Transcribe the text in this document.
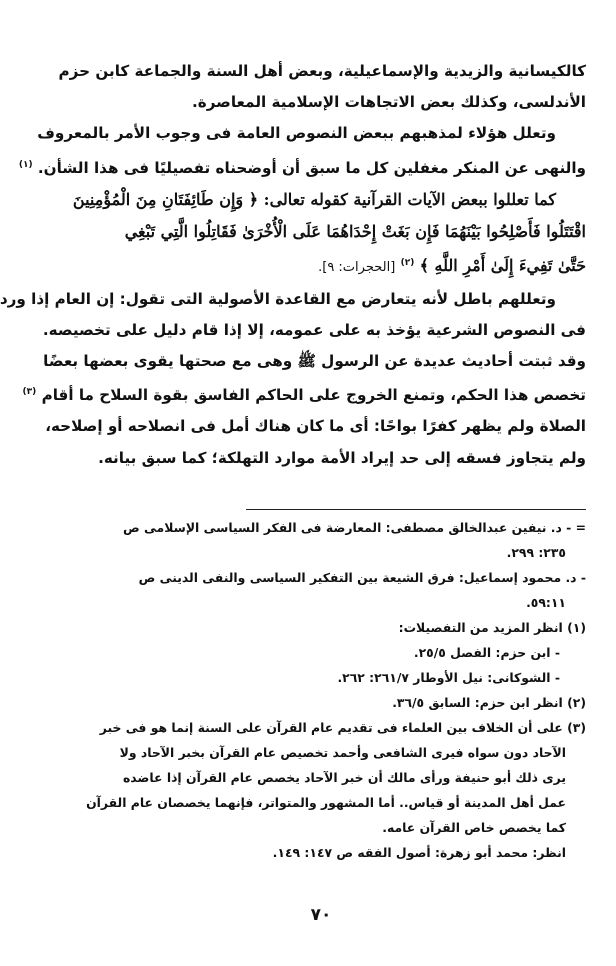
كالكيسانية والزيدية والإسماعيلية، وبعض أهل السنة والجماعة كابن حزم
الأندلسى، وكذلك بعض الاتجاهات الإسلامية المعاصرة.
وتعلل هؤلاء لمذهبهم ببعض النصوص العامة فى وجوب الأمر بالمعروف
والنهى عن المنكر مغفلين كل ما سبق أن أوضحناه تفصيليًا فى هذا الشأن. $^{(١)}$
كما تعللوا ببعض الآيات القرآنية كقوله تعالى: ﴿ وَإِن طَائِفَتَانِ مِنَ الْمُؤْمِنِينَ
اقْتَتَلُوا فَأَصْلِحُوا بَيْنَهُمَا فَإِن بَغَتْ إِحْدَاهُمَا عَلَى الْأُخْرَىٰ فَقَاتِلُوا الَّتِي تَبْغِي
حَتَّىٰ تَفِيءَ إِلَىٰ أَمْرِ اللَّهِ ﴾ $^{(٢)}$ [الحجرات: ٩].
وتعللهم باطل لأنه يتعارض مع القاعدة الأصولية التى تقول: إن العام إذا ورد
فى النصوص الشرعية يؤخذ به على عمومه، إلا إذا قام دليل على تخصيصه.
وقد ثبتت أحاديث عديدة عن الرسول ﷺ وهى مع صحتها يقوى بعضها بعضًا
تخصص هذا الحكم، وتمنع الخروج على الحاكم الفاسق بقوة السلاح ما أقام $^{(٣)}$
الصلاة ولم يظهر كفرًا بواحًا: أى ما كان هناك أمل فى انصلاحه أو إصلاحه،
ولم يتجاوز فسقه إلى حد إيراد الأمة موارد التهلكة؛ كما سبق بيانه.
= - د. نيفين عبدالخالق مصطفى: المعارضة فى الفكر السياسى الإسلامى ص
٢٣٥: ٢٩٩.
- د. محمود إسماعيل: فرق الشيعة بين التفكير السياسى والنفى الدينى ص
٥٩:١١.
(١) انظر المزيد من التفصيلات:
- ابن حزم: الفصل ٢٥/٥.
- الشوكانى: نيل الأوطار ٢٦١/٧: ٢٦٢.
(٢) انظر ابن حزم: السابق ٣٦/٥.
(٣) على أن الخلاف بين العلماء فى تقديم عام القرآن على السنة إنما هو فى خبر
الآحاد دون سواه فيرى الشافعى وأحمد تخصيص عام القرآن بخبر الآحاد ولا
يرى ذلك أبو حنيفة ورأى مالك أن خبر الآحاد يخصص عام القرآن إذا عاضده
عمل أهل المدينة أو قياس.. أما المشهور والمتواتر، فإنهما يخصصان عام القرآن
كما يخصص خاص القرآن عامه.
انظر: محمد أبو زهرة: أصول الفقه ص ١٤٧: ١٤٩.
٧٠
